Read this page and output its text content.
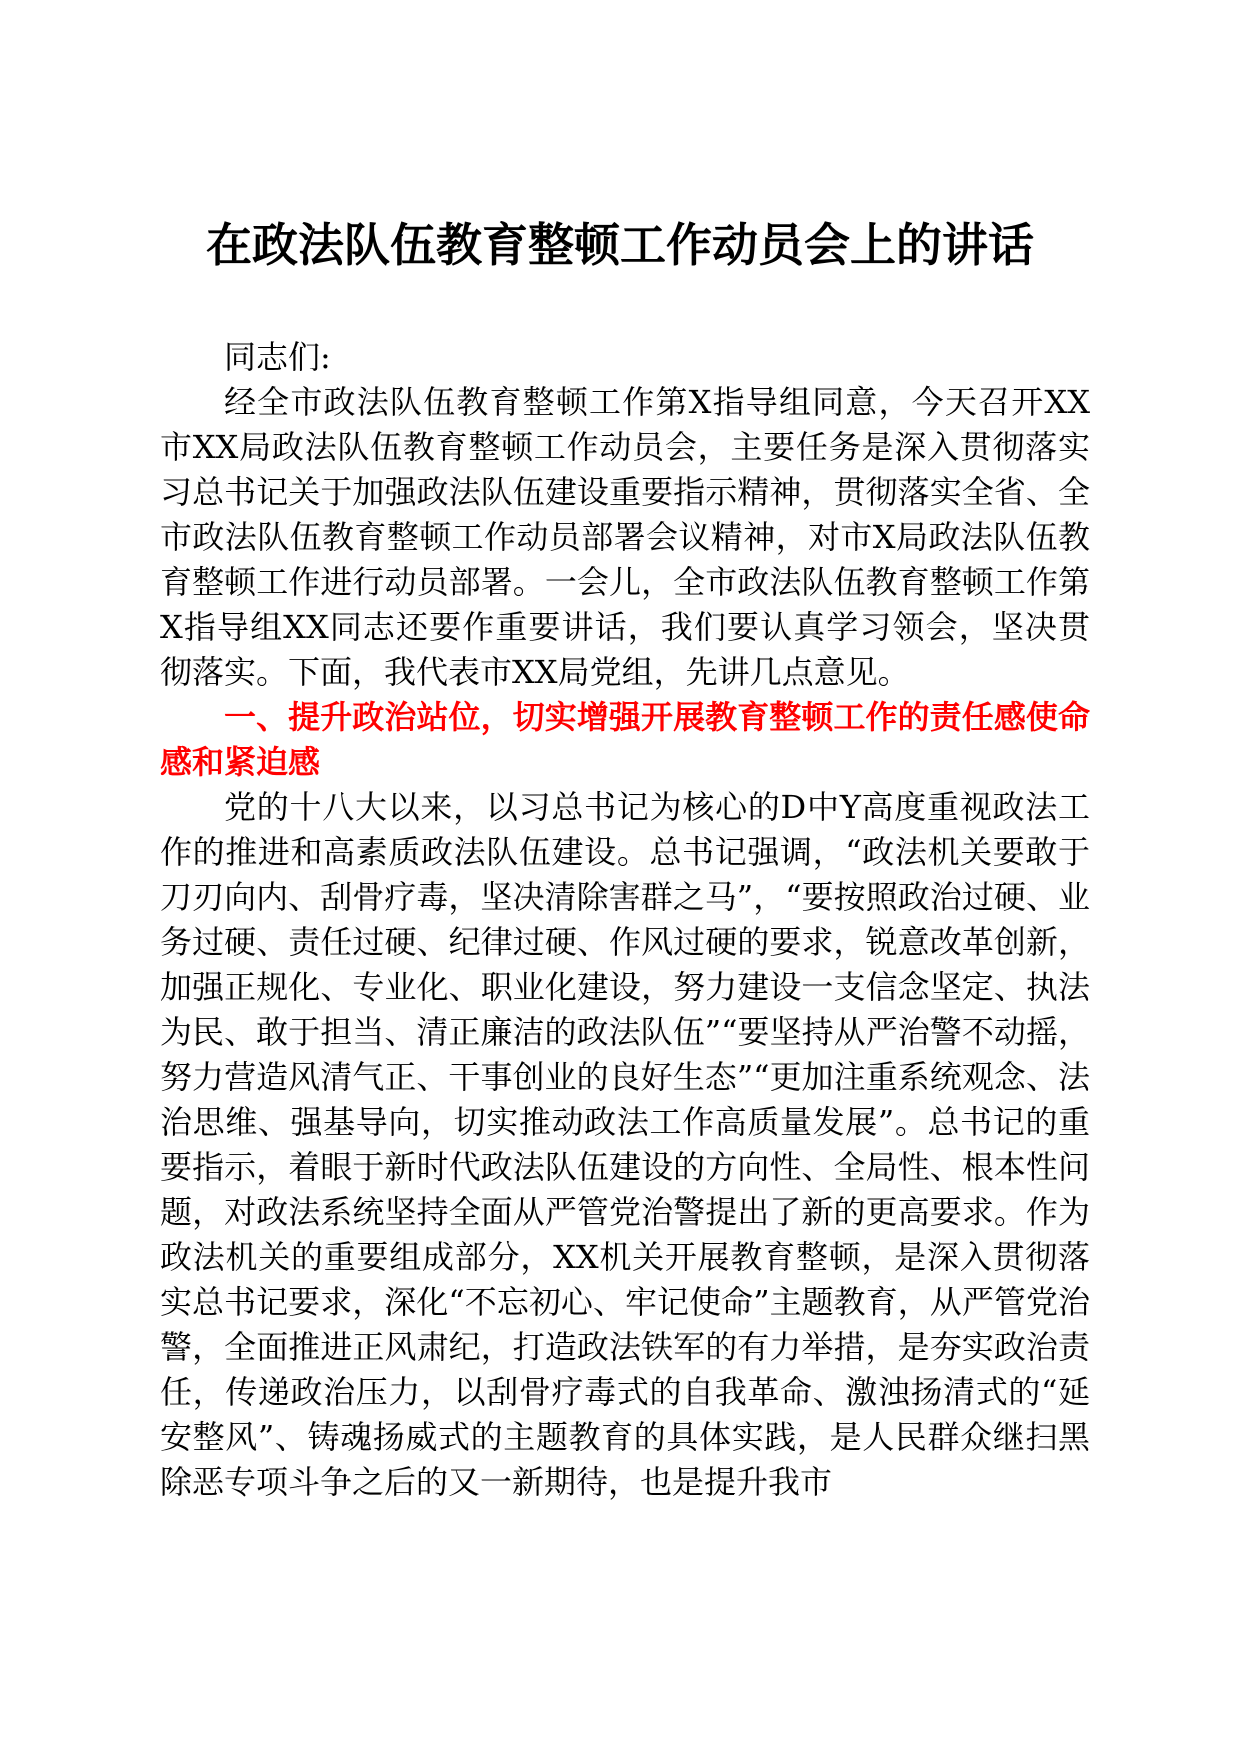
在政法队伍教育整顿工作动员会上的讲话

同志们:

经全市政法队伍教育整顿工作第X指导组同意，今天召开XX市XX局政法队伍教育整顿工作动员会，主要任务是深入贯彻落实习总书记关于加强政法队伍建设重要指示精神，贯彻落实全省、全市政法队伍教育整顿工作动员部署会议精神，对市X局政法队伍教育整顿工作进行动员部署。一会儿，全市政法队伍教育整顿工作第X指导组XX同志还要作重要讲话，我们要认真学习领会，坚决贯彻落实。下面，我代表市XX局党组，先讲几点意见。

一、提升政治站位，切实增强开展教育整顿工作的责任感使命感和紧迫感

党的十八大以来，以习总书记为核心的D中Y高度重视政法工作的推进和高素质政法队伍建设。总书记强调，“政法机关要敢于刀刃向内、刮骨疗毒，坚决清除害群之马”，“要按照政治过硬、业务过硬、责任过硬、纪律过硬、作风过硬的要求，锐意改革创新，加强正规化、专业化、职业化建设，努力建设一支信念坚定、执法为民、敢于担当、清正廉洁的政法队伍”“要坚持从严治警不动摇，努力营造风清气正、干事创业的良好生态”“更加注重系统观念、法治思维、强基导向，切实推动政法工作高质量发展”。总书记的重要指示，着眼于新时代政法队伍建设的方向性、全局性、根本性问题，对政法系统坚持全面从严管党治警提出了新的更高要求。作为政法机关的重要组成部分，XX机关开展教育整顿，是深入贯彻落实总书记要求，深化“不忘初心、牢记使命”主题教育，从严管党治警，全面推进正风肃纪，打造政法铁军的有力举措，是夯实政治责任，传递政治压力，以刮骨疗毒式的自我革命、激浊扬清式的“延安整风”、铸魂扬威式的主题教育的具体实践，是人民群众继扫黑除恶专项斗争之后的又一新期待，也是提升我市
